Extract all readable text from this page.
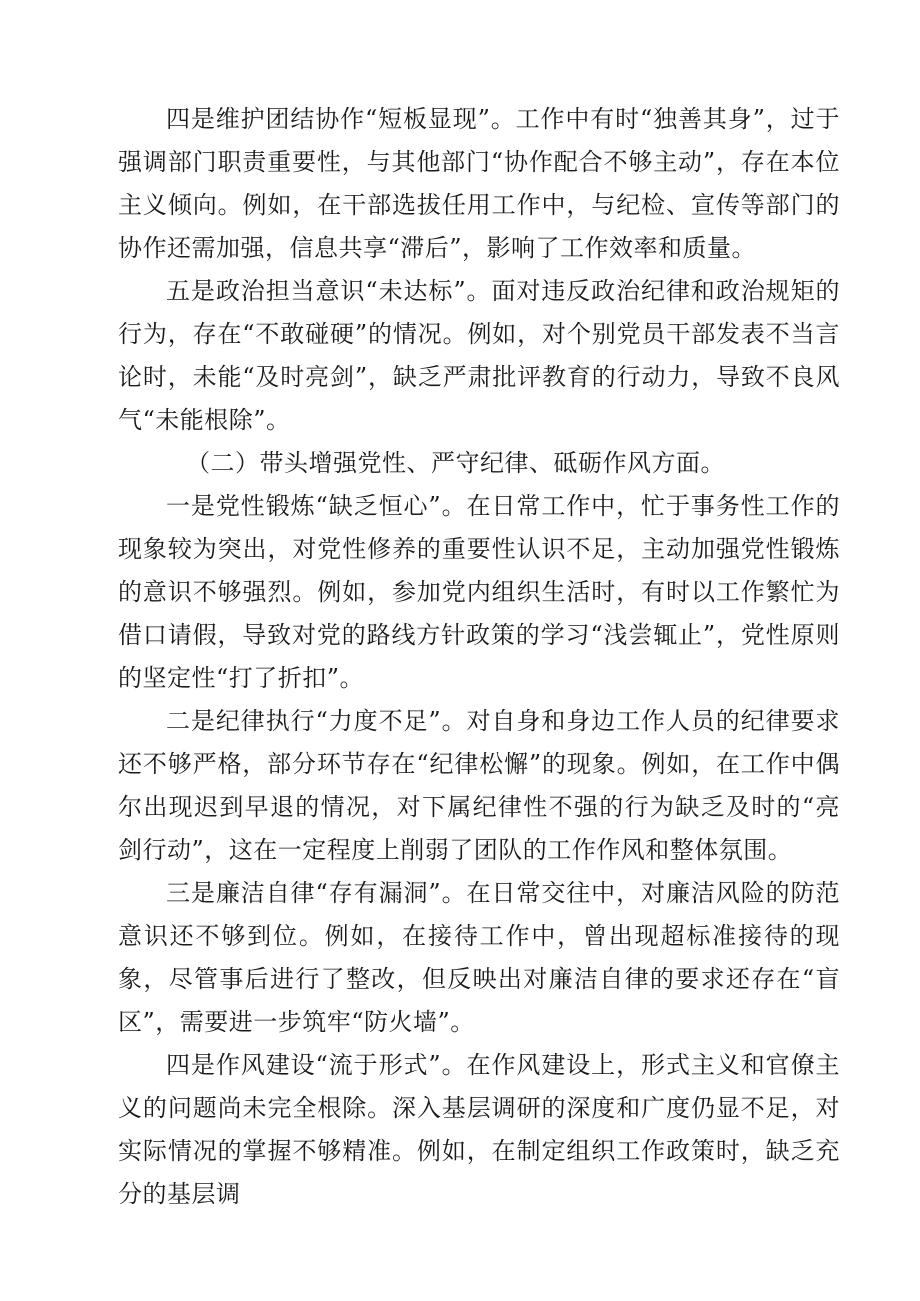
四是维护团结协作“短板显现”。工作中有时“独善其身”，过于强调部门职责重要性，与其他部门“协作配合不够主动”，存在本位主义倾向。例如，在干部选拔任用工作中，与纪检、宣传等部门的协作还需加强，信息共享“滞后”，影响了工作效率和质量。

五是政治担当意识“未达标”。面对违反政治纪律和政治规矩的行为，存在“不敢碰硬”的情况。例如，对个别党员干部发表不当言论时，未能“及时亮剑”，缺乏严肃批评教育的行动力，导致不良风气“未能根除”。

（二）带头增强党性、严守纪律、砥砺作风方面。

一是党性锻炼“缺乏恒心”。在日常工作中，忙于事务性工作的现象较为突出，对党性修养的重要性认识不足，主动加强党性锻炼的意识不够强烈。例如，参加党内组织生活时，有时以工作繁忙为借口请假，导致对党的路线方针政策的学习“浅尝辄止”，党性原则的坚定性“打了折扣”。

二是纪律执行“力度不足”。对自身和身边工作人员的纪律要求还不够严格，部分环节存在“纪律松懈”的现象。例如，在工作中偶尔出现迟到早退的情况，对下属纪律性不强的行为缺乏及时的“亮剑行动”，这在一定程度上削弱了团队的工作作风和整体氛围。

三是廉洁自律“存有漏洞”。在日常交往中，对廉洁风险的防范意识还不够到位。例如，在接待工作中，曾出现超标准接待的现象，尽管事后进行了整改，但反映出对廉洁自律的要求还存在“盲区”，需要进一步筑牢“防火墙”。

四是作风建设“流于形式”。在作风建设上，形式主义和官僚主义的问题尚未完全根除。深入基层调研的深度和广度仍显不足，对实际情况的掌握不够精准。例如，在制定组织工作政策时，缺乏充分的基层调
